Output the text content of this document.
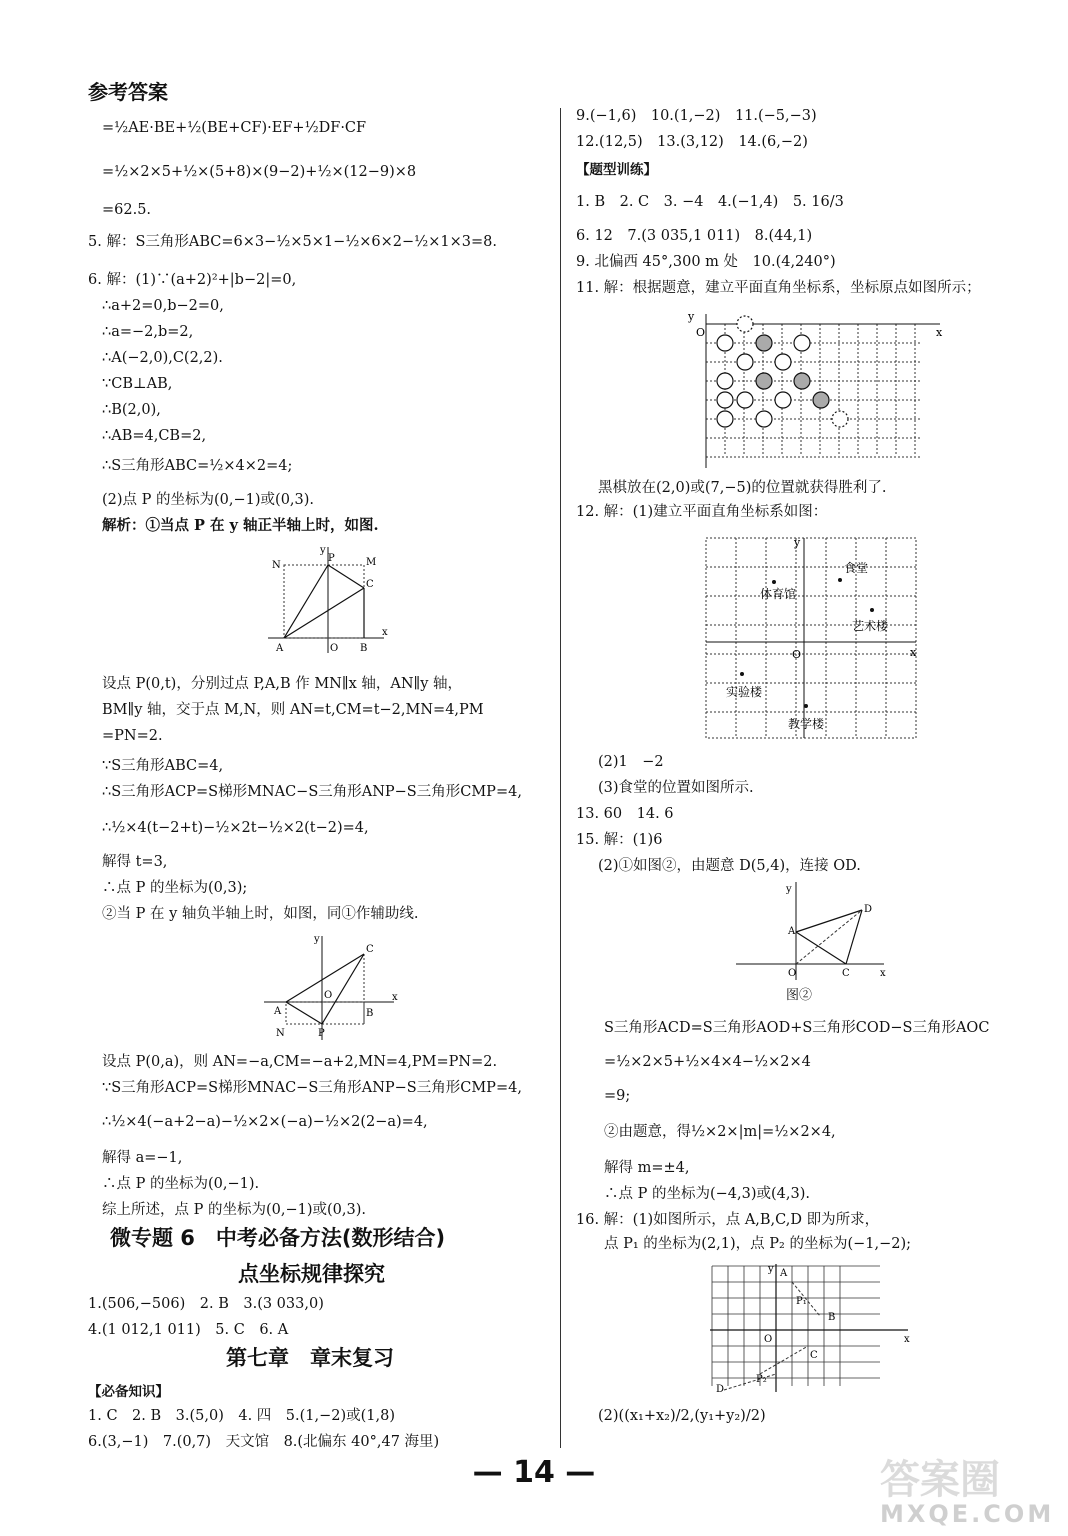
参考答案
=½AE·BE+½(BE+CF)·EF+½DF·CF
=½×2×5+½×(5+8)×(9−2)+½×(12−9)×8
=62.5.
5. 解：S三角形ABC=6×3−½×5×1−½×6×2−½×1×3=8.
6. 解：(1)∵(a+2)²+|b−2|=0,
∴a+2=0,b−2=0,
∴a=−2,b=2,
∴A(−2,0),C(2,2).
∵CB⊥AB,
∴B(2,0),
∴AB=4,CB=2,
∴S三角形ABC=½×4×2=4;
(2)点 P 的坐标为(0,−1)或(0,3).
解析：①当点 P 在 y 轴正半轴上时，如图.
y
x
N
P	M
C
A	O B
设点 P(0,t)，分别过点 P,A,B 作 MN∥x 轴，AN∥y 轴，
BM∥y 轴，交于点 M,N，则 AN=t,CM=t−2,MN=4,PM
=PN=2.
∵S三角形ABC=4,
∴S三角形ACP=S梯形MNAC−S三角形ANP−S三角形CMP=4,
∴½×4(t−2+t)−½×2t−½×2(t−2)=4,
解得 t=3,
∴点 P 的坐标为(0,3);
②当 P 在 y 轴负半轴上时，如图，同①作辅助线.
y
x
C
A
O
B
N	P
设点 P(0,a)，则 AN=−a,CM=−a+2,MN=4,PM=PN=2.
∵S三角形ACP=S梯形MNAC−S三角形ANP−S三角形CMP=4,
∴½×4(−a+2−a)−½×2×(−a)−½×2(2−a)=4,
解得 a=−1,
∴点 P 的坐标为(0,−1).
综上所述，点 P 的坐标为(0,−1)或(0,3).
微专题 6　中考必备方法(数形结合)
点坐标规律探究
1.(506,−506)　2. B　3.(3 033,0)
4.(1 012,1 011)　5. C　6. A
第七章　章末复习
【必备知识】
1. C　2. B　3.(5,0)　4. 四　5.(1,−2)或(1,8)
6.(3,−1)　7.(0,7)　天文馆　8.(北偏东 40°,47 海里)
9.(−1,6)　10.(1,−2)　11.(−5,−3)
12.(12,5)　13.(3,12)　14.(6,−2)
【题型训练】
1. B　2. C　3. −4　4.(−1,4)　5. 16/3
6. 12　7.(3 035,1 011)　8.(44,1)
9. 北偏西 45°,300 m 处　10.(4,240°)
11. 解：根据题意，建立平面直角坐标系，坐标原点如图所示；
y
x
O
黑棋放在(2,0)或(7,−5)的位置就获得胜利了.
12. 解：(1)建立平面直角坐标系如图：
y
x
O
食堂
体育馆
艺术楼
实验楼
教学楼
(2)1　−2
(3)食堂的位置如图所示.
13. 60　14. 6
15. 解：(1)6
(2)①如图②，由题意 D(5,4)，连接 OD.
y
x
D
A
O	C
图②
S三角形ACD=S三角形AOD+S三角形COD−S三角形AOC
=½×2×5+½×4×4−½×2×4
=9;
②由题意，得½×2×|m|=½×2×4,
解得 m=±4,
∴点 P 的坐标为(−4,3)或(4,3).
16. 解：(1)如图所示，点 A,B,C,D 即为所求，
点 P₁ 的坐标为(2,1)，点 P₂ 的坐标为(−1,−2);
y
x
A
P₁
B
C
P₂
D
O
(2)((x₁+x₂)/2,(y₁+y₂)/2)
— 14 —	答案圈
MXQE.COM
